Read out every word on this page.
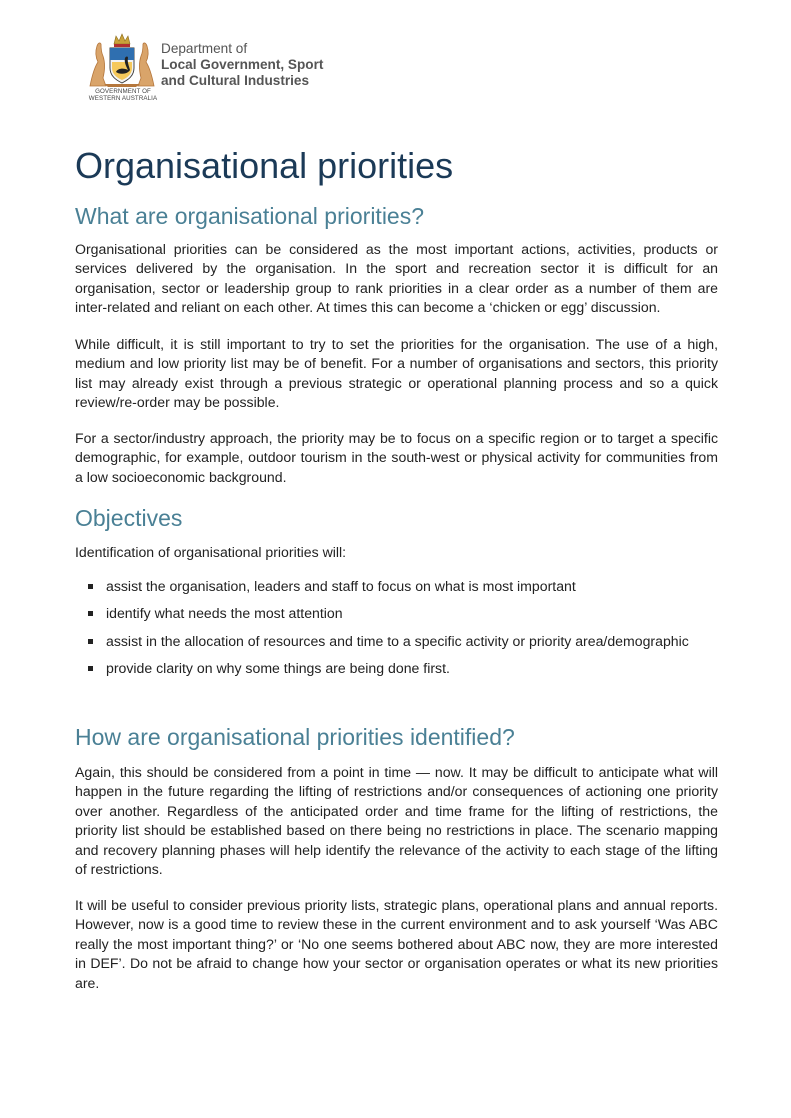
GOVERNMENT OF
WESTERN AUSTRALIA
Department of
Local Government, Sport
and Cultural Industries
Organisational priorities
What are organisational priorities?

Organisational priorities can be considered as the most important actions, activities, products or services delivered by the organisation. In the sport and recreation sector it is difficult for an organisation, sector or leadership group to rank priorities in a clear order as a number of them are inter-related and reliant on each other. At times this can become a ‘chicken or egg’ discussion.

While difficult, it is still important to try to set the priorities for the organisation. The use of a high, medium and low priority list may be of benefit. For a number of organisations and sectors, this priority list may already exist through a previous strategic or operational planning process and so a quick review/re-order may be possible.

For a sector/industry approach, the priority may be to focus on a specific region or to target a specific demographic, for example, outdoor tourism in the south-west or physical activity for communities from a low socioeconomic background.

Objectives

Identification of organisational priorities will:

assist the organisation, leaders and staff to focus on what is most important
identify what needs the most attention
assist in the allocation of resources and time to a specific activity or priority area/demographic
provide clarity on why some things are being done first.
How are organisational priorities identified?

Again, this should be considered from a point in time — now. It may be difficult to anticipate what will happen in the future regarding the lifting of restrictions and/or consequences of actioning one priority over another. Regardless of the anticipated order and time frame for the lifting of restrictions, the priority list should be established based on there being no restrictions in place. The scenario mapping and recovery planning phases will help identify the relevance of the activity to each stage of the lifting of restrictions.

It will be useful to consider previous priority lists, strategic plans, operational plans and annual reports. However, now is a good time to review these in the current environment and to ask yourself ‘Was ABC really the most important thing?’ or ‘No one seems bothered about ABC now, they are more interested in DEF’. Do not be afraid to change how your sector or organisation operates or what its new priorities are.
